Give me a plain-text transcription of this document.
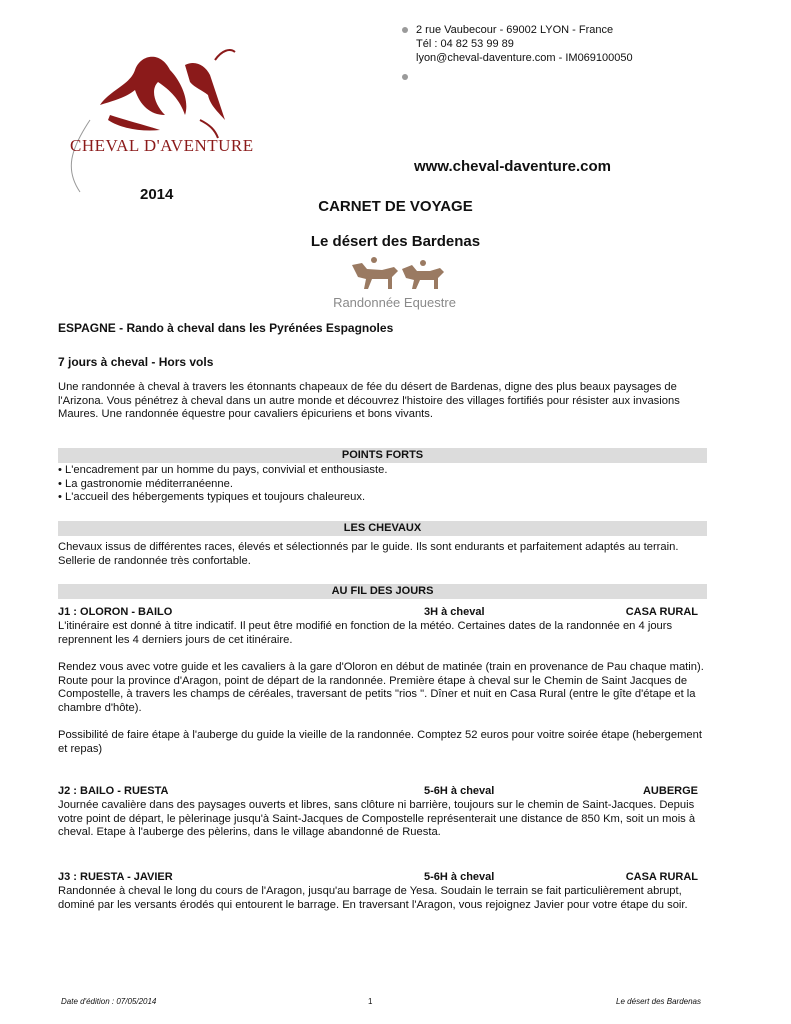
CHEVAL D'AVENTURE
2 rue Vaubecour - 69002 LYON - France
Tél : 04 82 53 99 89
lyon@cheval-daventure.com - IM069100050
www.cheval-daventure.com
2014
CARNET DE VOYAGE
Le désert des Bardenas
Randonnée Equestre
ESPAGNE - Rando à cheval dans les Pyrénées Espagnoles
7 jours à cheval - Hors vols
Une randonnée à cheval à travers les étonnants chapeaux de fée du désert de Bardenas, digne des plus beaux paysages de l'Arizona. Vous pénétrez à cheval dans un autre monde et découvrez l'histoire des villages fortifiés pour résister aux invasions Maures. Une randonnée équestre pour cavaliers épicuriens et bons vivants.
POINTS FORTS
• L'encadrement par un homme du pays, convivial et enthousiaste.
• La gastronomie méditerranéenne.
• L'accueil des hébergements typiques et toujours chaleureux.
LES CHEVAUX
Chevaux issus de différentes races, élevés et sélectionnés par le guide. Ils sont endurants et parfaitement adaptés au terrain. Sellerie de randonnée très confortable.
AU FIL DES JOURS
J1 : OLORON - BAILO	3H à cheval	CASA RURAL
L'itinéraire est donné à titre indicatif. Il peut être modifié en fonction de la météo. Certaines dates de la randonnée en 4 jours reprennent les 4 derniers jours de cet itinéraire.
Rendez vous avec votre guide et les cavaliers à la gare d'Oloron en début de matinée (train en provenance de Pau chaque matin). Route pour la province d'Aragon, point de départ de la randonnée. Première étape à cheval sur le Chemin de Saint Jacques de Compostelle, à travers les champs de céréales, traversant de petits "rios ". Dîner et nuit en Casa Rural (entre le gîte d'étape et la chambre d'hôte).
Possibilité de faire étape à l'auberge du guide la vieille de la randonnée. Comptez 52 euros pour voitre soirée étape (hebergement et repas)
J2 : BAILO - RUESTA	5-6H à cheval	AUBERGE
Journée cavalière dans des paysages ouverts et libres, sans clôture ni barrière, toujours sur le chemin de Saint-Jacques. Depuis votre point de départ, le pèlerinage jusqu'à Saint-Jacques de Compostelle représenterait une distance de 850 Km, soit un mois à cheval. Etape à l'auberge des pèlerins, dans le village abandonné de Ruesta.
J3 : RUESTA - JAVIER	5-6H à cheval	CASA RURAL
Randonnée à cheval le long du cours de l'Aragon, jusqu'au barrage de Yesa. Soudain le terrain se fait particulièrement abrupt, dominé par les versants érodés qui entourent le barrage. En traversant l'Aragon, vous rejoignez Javier pour votre étape du soir.
Date d'édition : 07/05/2014	1	Le désert des Bardenas
